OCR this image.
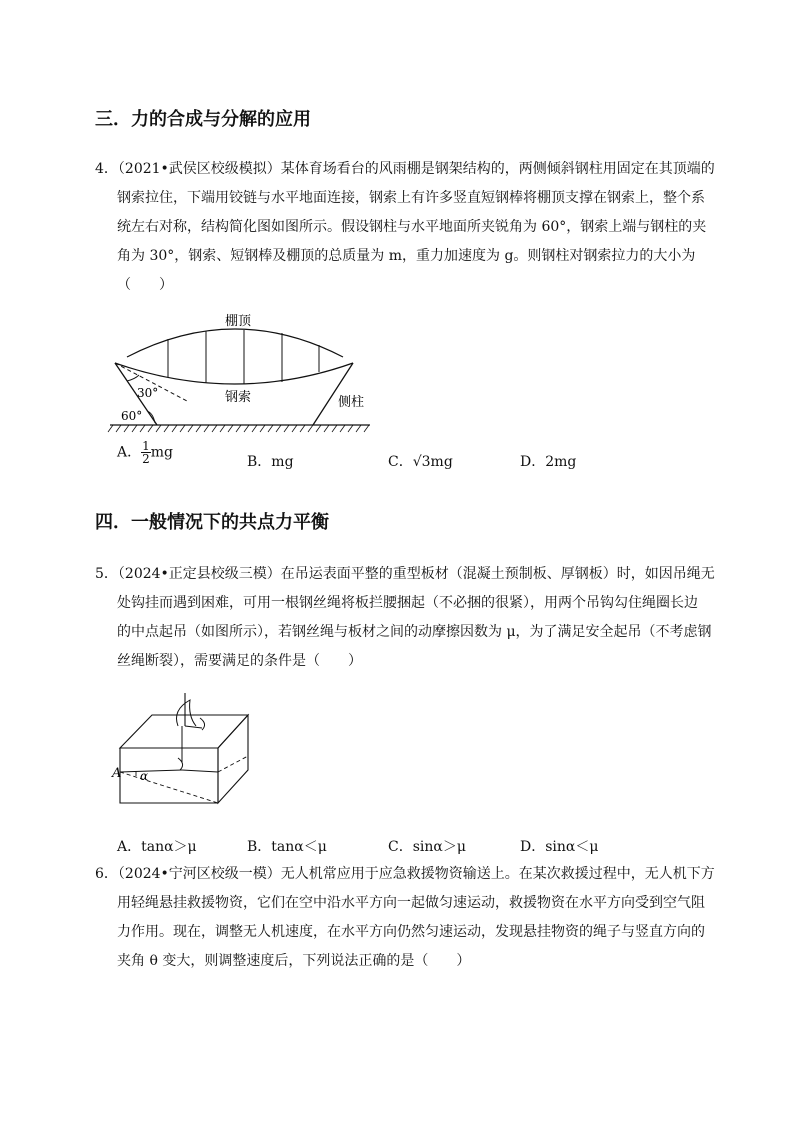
三．力的合成与分解的应用
4．（2021•武侯区校级模拟）某体育场看台的风雨棚是钢架结构的，两侧倾斜钢柱用固定在其顶端的
钢索拉住，下端用铰链与水平地面连接，钢索上有许多竖直短钢棒将棚顶支撑在钢索上，整个系
统左右对称，结构简化图如图所示。假设钢柱与水平地面所夹锐角为 60°，钢索上端与钢柱的夹
角为 30°，钢索、短钢棒及棚顶的总质量为 m，重力加速度为 g。则钢柱对钢索拉力的大小为
（　　）
棚顶
钢索	侧柱
30°
60°
A． $\frac{1}{2}$ mg
B．mg	C．√3mg	D．2mg
四．一般情况下的共点力平衡
5．（2024•正定县校级三模）在吊运表面平整的重型板材（混凝土预制板、厚钢板）时，如因吊绳无
处钩挂而遇到困难，可用一根钢丝绳将板拦腰捆起（不必捆的很紧），用两个吊钩勾住绳圈长边
的中点起吊（如图所示），若钢丝绳与板材之间的动摩擦因数为 μ，为了满足安全起吊（不考虑钢
丝绳断裂），需要满足的条件是（　　）
A α
A．tanα＞μ	B．tanα＜μ	C．sinα＞μ	D．sinα＜μ
6．（2024•宁河区校级一模）无人机常应用于应急救援物资输送上。在某次救援过程中，无人机下方
用轻绳悬挂救援物资，它们在空中沿水平方向一起做匀速运动，救援物资在水平方向受到空气阻
力作用。现在，调整无人机速度，在水平方向仍然匀速运动，发现悬挂物资的绳子与竖直方向的
夹角 θ 变大，则调整速度后，下列说法正确的是（　　）
